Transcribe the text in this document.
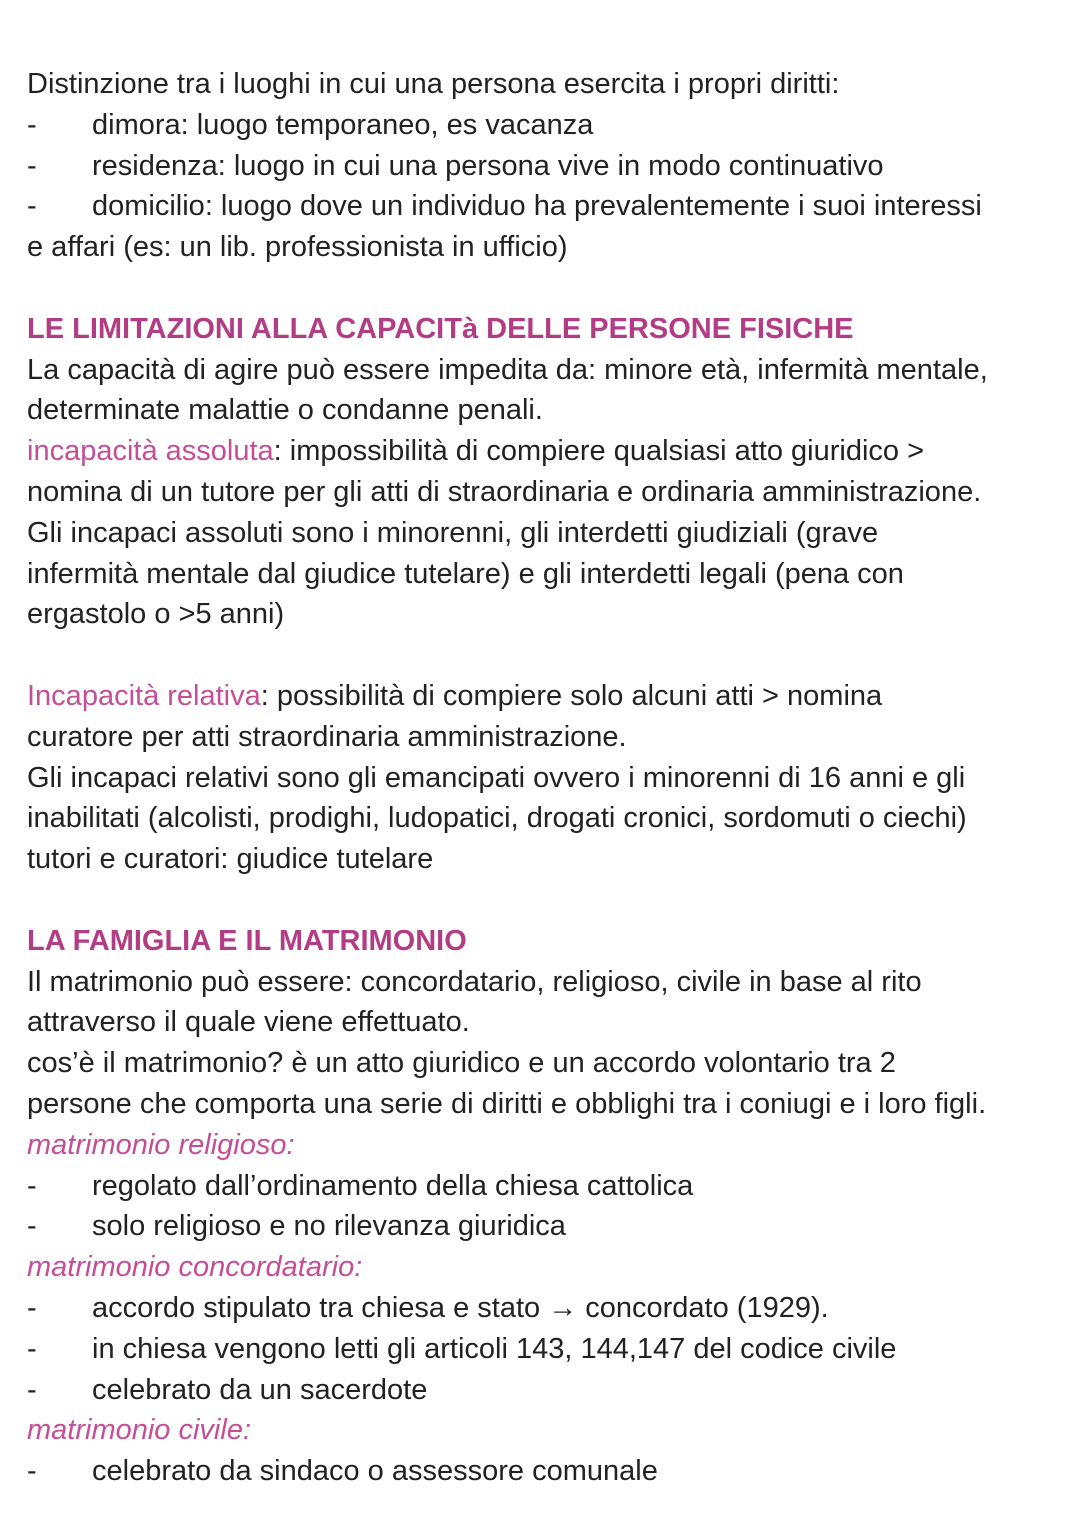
Distinzione tra i luoghi in cui una persona esercita i propri diritti:
- dimora: luogo temporaneo, es vacanza
- residenza: luogo in cui una persona vive in modo continuativo
- domicilio: luogo dove un individuo ha prevalentemente i suoi interessi
e affari (es: un lib. professionista in ufficio)
LE LIMITAZIONI ALLA CAPACITà DELLE PERSONE FISICHE
La capacità di agire può essere impedita da: minore età, infermità mentale,
determinate malattie o condanne penali.
incapacità assoluta: impossibilità di compiere qualsiasi atto giuridico >
nomina di un tutore per gli atti di straordinaria e ordinaria amministrazione.
Gli incapaci assoluti sono i minorenni, gli interdetti giudiziali (grave
infermità mentale dal giudice tutelare) e gli interdetti legali (pena con
ergastolo o >5 anni)
Incapacità relativa: possibilità di compiere solo alcuni atti > nomina
curatore per atti straordinaria amministrazione.
Gli incapaci relativi sono gli emancipati ovvero i minorenni di 16 anni e gli
inabilitati (alcolisti, prodighi, ludopatici, drogati cronici, sordomuti o ciechi)
tutori e curatori: giudice tutelare
LA FAMIGLIA E IL MATRIMONIO
Il matrimonio può essere: concordatario, religioso, civile in base al rito
attraverso il quale viene effettuato.
cos’è il matrimonio? è un atto giuridico e un accordo volontario tra 2
persone che comporta una serie di diritti e obblighi tra i coniugi e i loro figli.
matrimonio religioso:
- regolato dall’ordinamento della chiesa cattolica
- solo religioso e no rilevanza giuridica
matrimonio concordatario:
- accordo stipulato tra chiesa e stato → concordato (1929).
- in chiesa vengono letti gli articoli 143, 144,147 del codice civile
- celebrato da un sacerdote
matrimonio civile:
- celebrato da sindaco o assessore comunale
